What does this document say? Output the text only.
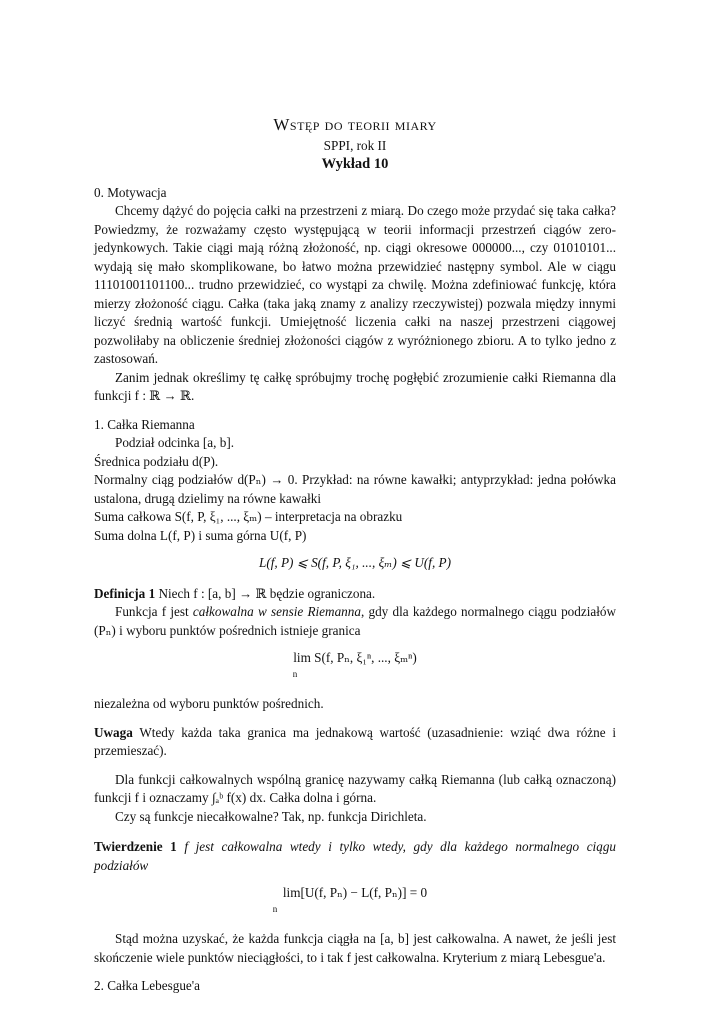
Wstęp do teorii miary
SPPI, rok II
Wykład 10

0. Motywacja

Chcemy dążyć do pojęcia całki na przestrzeni z miarą. Do czego może przydać się taka całka? Powiedzmy, że rozważamy często występującą w teorii informacji przestrzeń ciągów zero-jedynkowych. Takie ciągi mają różną złożoność, np. ciągi okresowe 000000..., czy 01010101... wydają się mało skomplikowane, bo łatwo można przewidzieć następny symbol. Ale w ciągu 11101001101100... trudno przewidzieć, co wystąpi za chwilę. Można zdefiniować funkcję, która mierzy złożoność ciągu. Całka (taka jaką znamy z analizy rzeczywistej) pozwala między innymi liczyć średnią wartość funkcji. Umiejętność liczenia całki na naszej przestrzeni ciągowej pozwoliłaby na obliczenie średniej złożoności ciągów z wyróżnionego zbioru. A to tylko jedno z zastosowań.

Zanim jednak określimy tę całkę spróbujmy trochę pogłębić zrozumienie całki Riemanna dla funkcji f : ℝ → ℝ.

1. Całka Riemanna

Podział odcinka [a, b].

Średnica podziału d(P).

Normalny ciąg podziałów d(Pₙ) → 0. Przykład: na równe kawałki; antyprzykład: jedna połówka ustalona, drugą dzielimy na równe kawałki

Suma całkowa S(f, P, ξ₁, ..., ξₘ) – interpretacja na obrazku

Suma dolna L(f, P) i suma górna U(f, P)

L(f, P) ⩽ S(f, P, ξ₁, ..., ξₘ) ⩽ U(f, P)

Definicja 1 Niech f : [a, b] → ℝ będzie ograniczona.

Funkcja f jest całkowalna w sensie Riemanna, gdy dla każdego normalnego ciągu podziałów (Pₙ) i wyboru punktów pośrednich istnieje granica

lim S(f, Pₙ, ξ₁ⁿ, ..., ξₘⁿ)
$^n$

niezależna od wyboru punktów pośrednich.

Uwaga Wtedy każda taka granica ma jednakową wartość (uzasadnienie: wziąć dwa różne i przemieszać).

Dla funkcji całkowalnych wspólną granicę nazywamy całką Riemanna (lub całką oznaczoną) funkcji f i oznaczamy ∫ₐᵇ f(x) dx. Całka dolna i górna.

Czy są funkcje niecałkowalne? Tak, np. funkcja Dirichleta.

Twierdzenie 1 f jest całkowalna wtedy i tylko wtedy, gdy dla każdego normalnego ciągu podziałów

lim[U(f, Pₙ) − L(f, Pₙ)] = 0
$^n$

Stąd można uzyskać, że każda funkcja ciągła na [a, b] jest całkowalna. A nawet, że jeśli jest skończenie wiele punktów nieciągłości, to i tak f jest całkowalna. Kryterium z miarą Lebesgue'a.

2. Całka Lebesgue'a
